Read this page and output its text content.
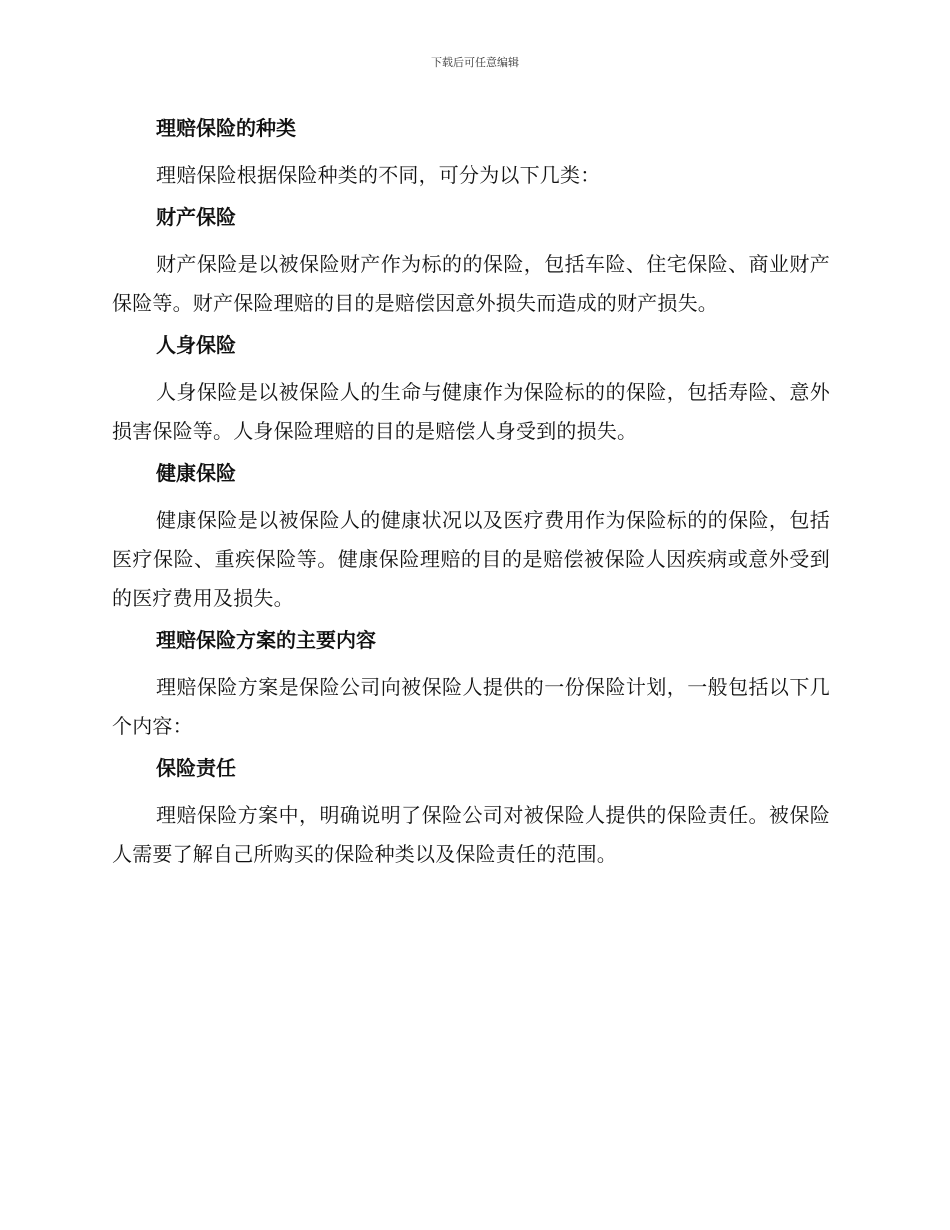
下载后可任意编辑
理赔保险的种类

理赔保险根据保险种类的不同，可分为以下几类：

财产保险

财产保险是以被保险财产作为标的的保险，包括车险、住宅保险、商业财产保险等。财产保险理赔的目的是赔偿因意外损失而造成的财产损失。

人身保险

人身保险是以被保险人的生命与健康作为保险标的的保险，包括寿险、意外损害保险等。人身保险理赔的目的是赔偿人身受到的损失。

健康保险

健康保险是以被保险人的健康状况以及医疗费用作为保险标的的保险，包括医疗保险、重疾保险等。健康保险理赔的目的是赔偿被保险人因疾病或意外受到的医疗费用及损失。

理赔保险方案的主要内容

理赔保险方案是保险公司向被保险人提供的一份保险计划，一般包括以下几个内容：

保险责任

理赔保险方案中，明确说明了保险公司对被保险人提供的保险责任。被保险人需要了解自己所购买的保险种类以及保险责任的范围。
